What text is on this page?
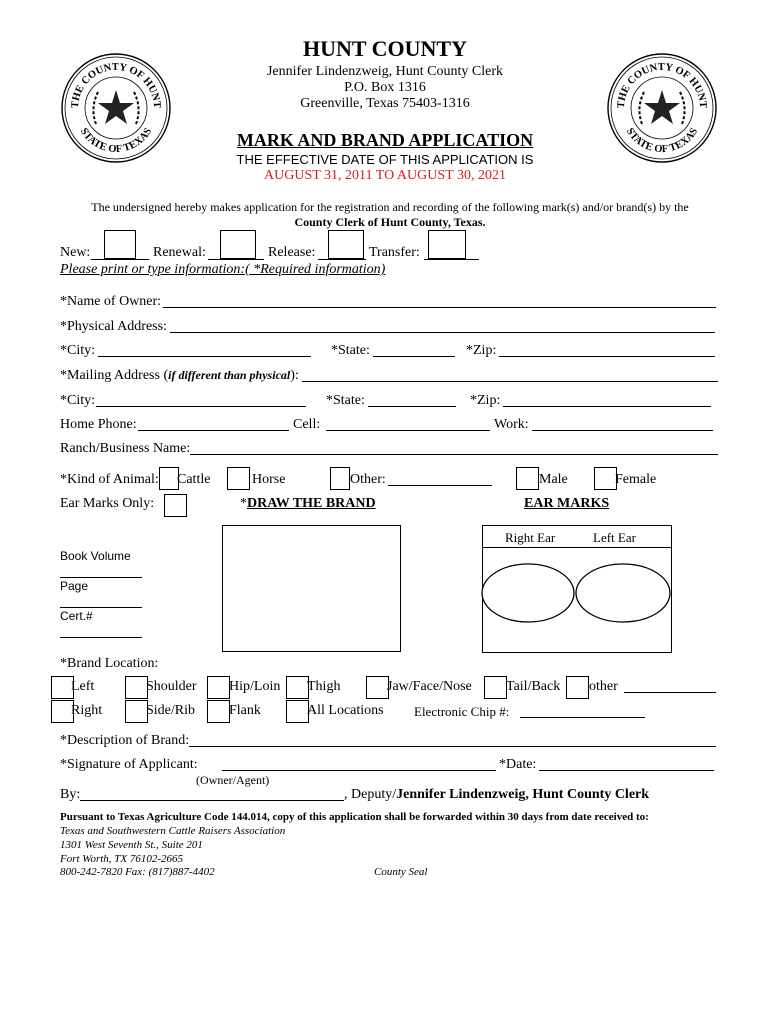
THE COUNTY OF HUNT
STATE OF TEXAS
THE COUNTY OF HUNT
STATE OF TEXAS
HUNT COUNTY
Jennifer Lindenzweig, Hunt County Clerk
P.O. Box 1316
Greenville, Texas 75403-1316
MARK AND BRAND APPLICATION
THE EFFECTIVE DATE OF THIS APPLICATION IS
AUGUST 31, 2011 TO AUGUST 30, 2021
The undersigned hereby makes application for the registration and recording of the following mark(s) and/or brand(s) by the
County Clerk of Hunt County, Texas.
New:	Renewal:	Release:	Transfer:
Please print or type information:( *Required information)
*Name of Owner:
*Physical Address:
*City:	*State:	*Zip:
*Mailing Address (if different than physical):
*City:	*State:	*Zip:
Home Phone:	Cell:	Work:
Ranch/Business Name:
*Kind of Animal: Cattle	Horse	Other:	Male	Female
Ear Marks Only:	*DRAW THE BRAND	EAR MARKS
Book Volume
Page
Cert.#
Right Ear	Left Ear
*Brand Location:
Left	Shoulder Hip/Loin Thigh	Jaw/Face/Nose Tail/Back other
Right	Side/Rib Flank	All Locations Electronic Chip #:
*Description of Brand:
*Signature of Applicant:	*Date:
(Owner/Agent)
By:	, Deputy/Jennifer Lindenzweig, Hunt County Clerk
Pursuant to Texas Agriculture Code 144.014, copy of this application shall be forwarded within 30 days from date received to:
Texas and Southwestern Cattle Raisers Association
1301 West Seventh St., Suite 201
Fort Worth, TX 76102-2665
800-242-7820 Fax: (817)887-4402	County Seal
